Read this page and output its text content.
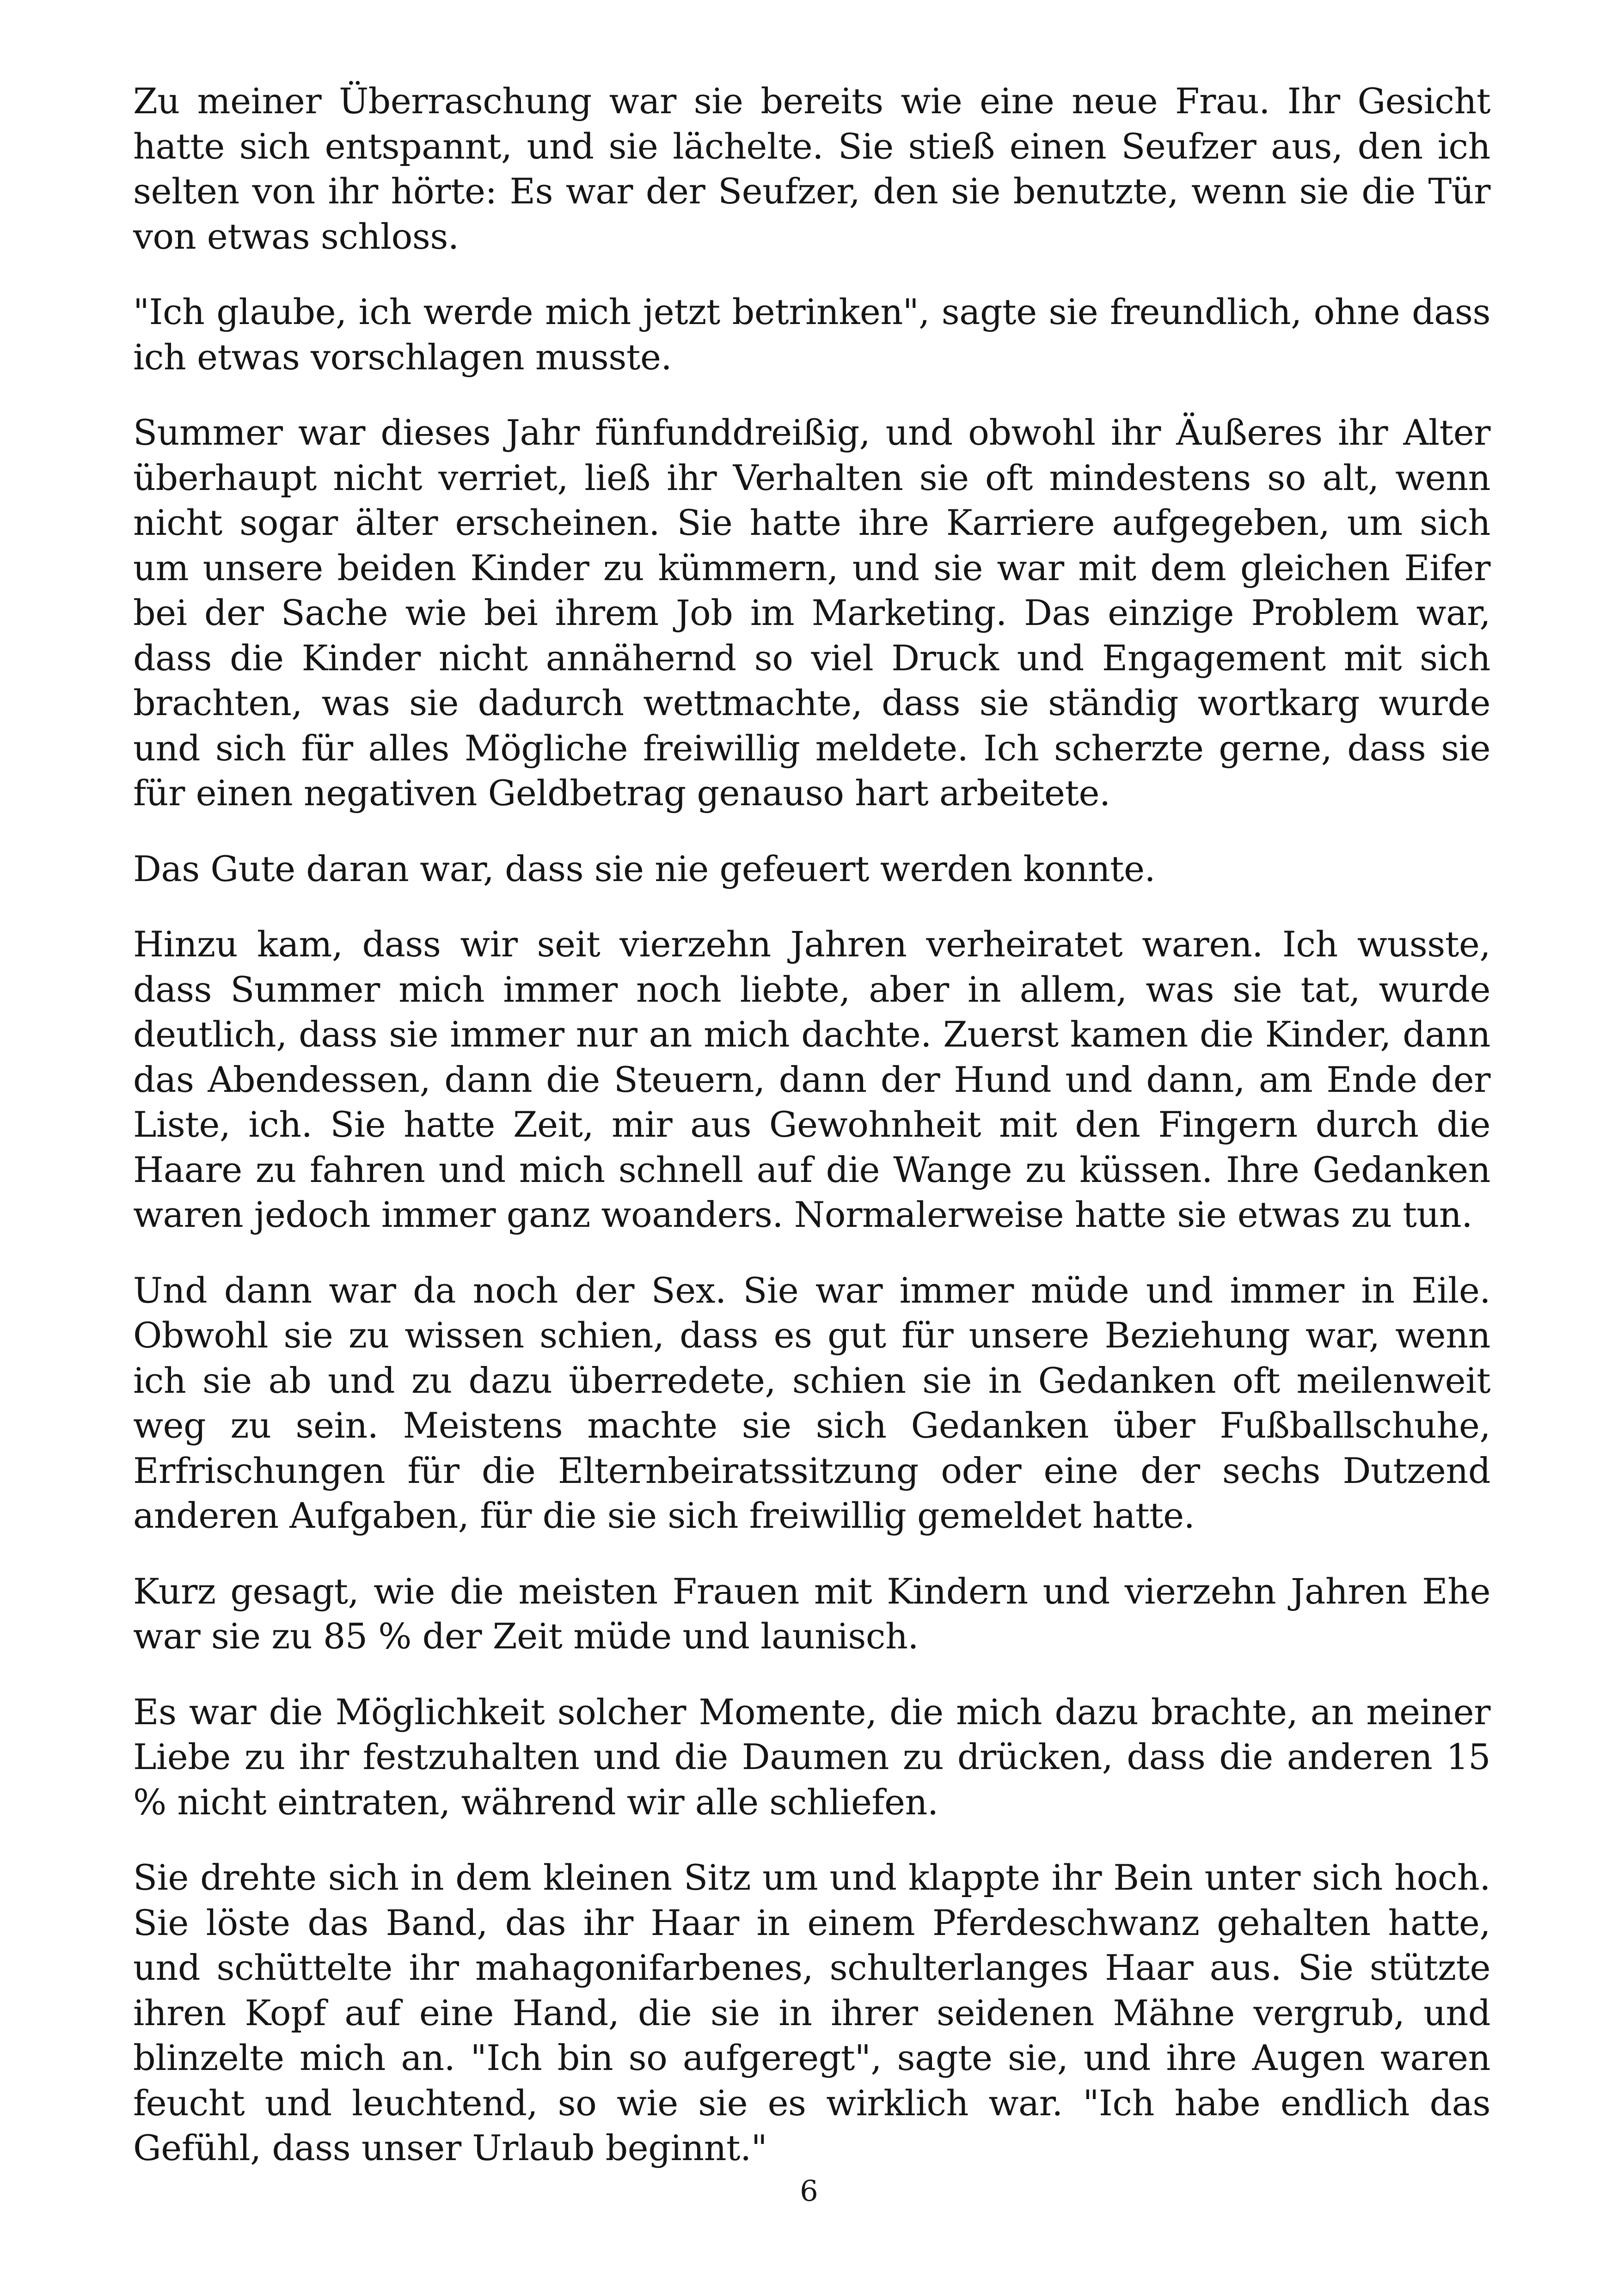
Zu meiner Überraschung war sie bereits wie eine neue Frau. Ihr Gesicht hatte sich entspannt, und sie lächelte. Sie stieß einen Seufzer aus, den ich selten von ihr hörte: Es war der Seufzer, den sie benutzte, wenn sie die Tür von etwas schloss.

"Ich glaube, ich werde mich jetzt betrinken", sagte sie freundlich, ohne dass ich etwas vorschlagen musste.

Summer war dieses Jahr fünfunddreißig, und obwohl ihr Äußeres ihr Alter überhaupt nicht verriet, ließ ihr Verhalten sie oft mindestens so alt, wenn nicht sogar älter erscheinen. Sie hatte ihre Karriere aufgegeben, um sich um unsere beiden Kinder zu kümmern, und sie war mit dem gleichen Eifer bei der Sache wie bei ihrem Job im Marketing. Das einzige Problem war, dass die Kinder nicht annähernd so viel Druck und Engagement mit sich brachten, was sie dadurch wettmachte, dass sie ständig wortkarg wurde und sich für alles Mögliche freiwillig meldete. Ich scherzte gerne, dass sie für einen negativen Geldbetrag genauso hart arbeitete.

Das Gute daran war, dass sie nie gefeuert werden konnte.

Hinzu kam, dass wir seit vierzehn Jahren verheiratet waren. Ich wusste, dass Summer mich immer noch liebte, aber in allem, was sie tat, wurde deutlich, dass sie immer nur an mich dachte. Zuerst kamen die Kinder, dann das Abendessen, dann die Steuern, dann der Hund und dann, am Ende der Liste, ich. Sie hatte Zeit, mir aus Gewohnheit mit den Fingern durch die Haare zu fahren und mich schnell auf die Wange zu küssen. Ihre Gedanken waren jedoch immer ganz woanders. Normalerweise hatte sie etwas zu tun.

Und dann war da noch der Sex. Sie war immer müde und immer in Eile. Obwohl sie zu wissen schien, dass es gut für unsere Beziehung war, wenn ich sie ab und zu dazu überredete, schien sie in Gedanken oft meilenweit weg zu sein. Meistens machte sie sich Gedanken über Fußballschuhe, Erfrischungen für die Elternbeiratssitzung oder eine der sechs Dutzend anderen Aufgaben, für die sie sich freiwillig gemeldet hatte.

Kurz gesagt, wie die meisten Frauen mit Kindern und vierzehn Jahren Ehe war sie zu 85 % der Zeit müde und launisch.

Es war die Möglichkeit solcher Momente, die mich dazu brachte, an meiner Liebe zu ihr festzuhalten und die Daumen zu drücken, dass die anderen 15 % nicht eintraten, während wir alle schliefen.

Sie drehte sich in dem kleinen Sitz um und klappte ihr Bein unter sich hoch. Sie löste das Band, das ihr Haar in einem Pferdeschwanz gehalten hatte, und schüttelte ihr mahagonifarbenes, schulterlanges Haar aus. Sie stützte ihren Kopf auf eine Hand, die sie in ihrer seidenen Mähne vergrub, und blinzelte mich an. "Ich bin so aufgeregt", sagte sie, und ihre Augen waren feucht und leuchtend, so wie sie es wirklich war. "Ich habe endlich das Gefühl, dass unser Urlaub beginnt."

6
